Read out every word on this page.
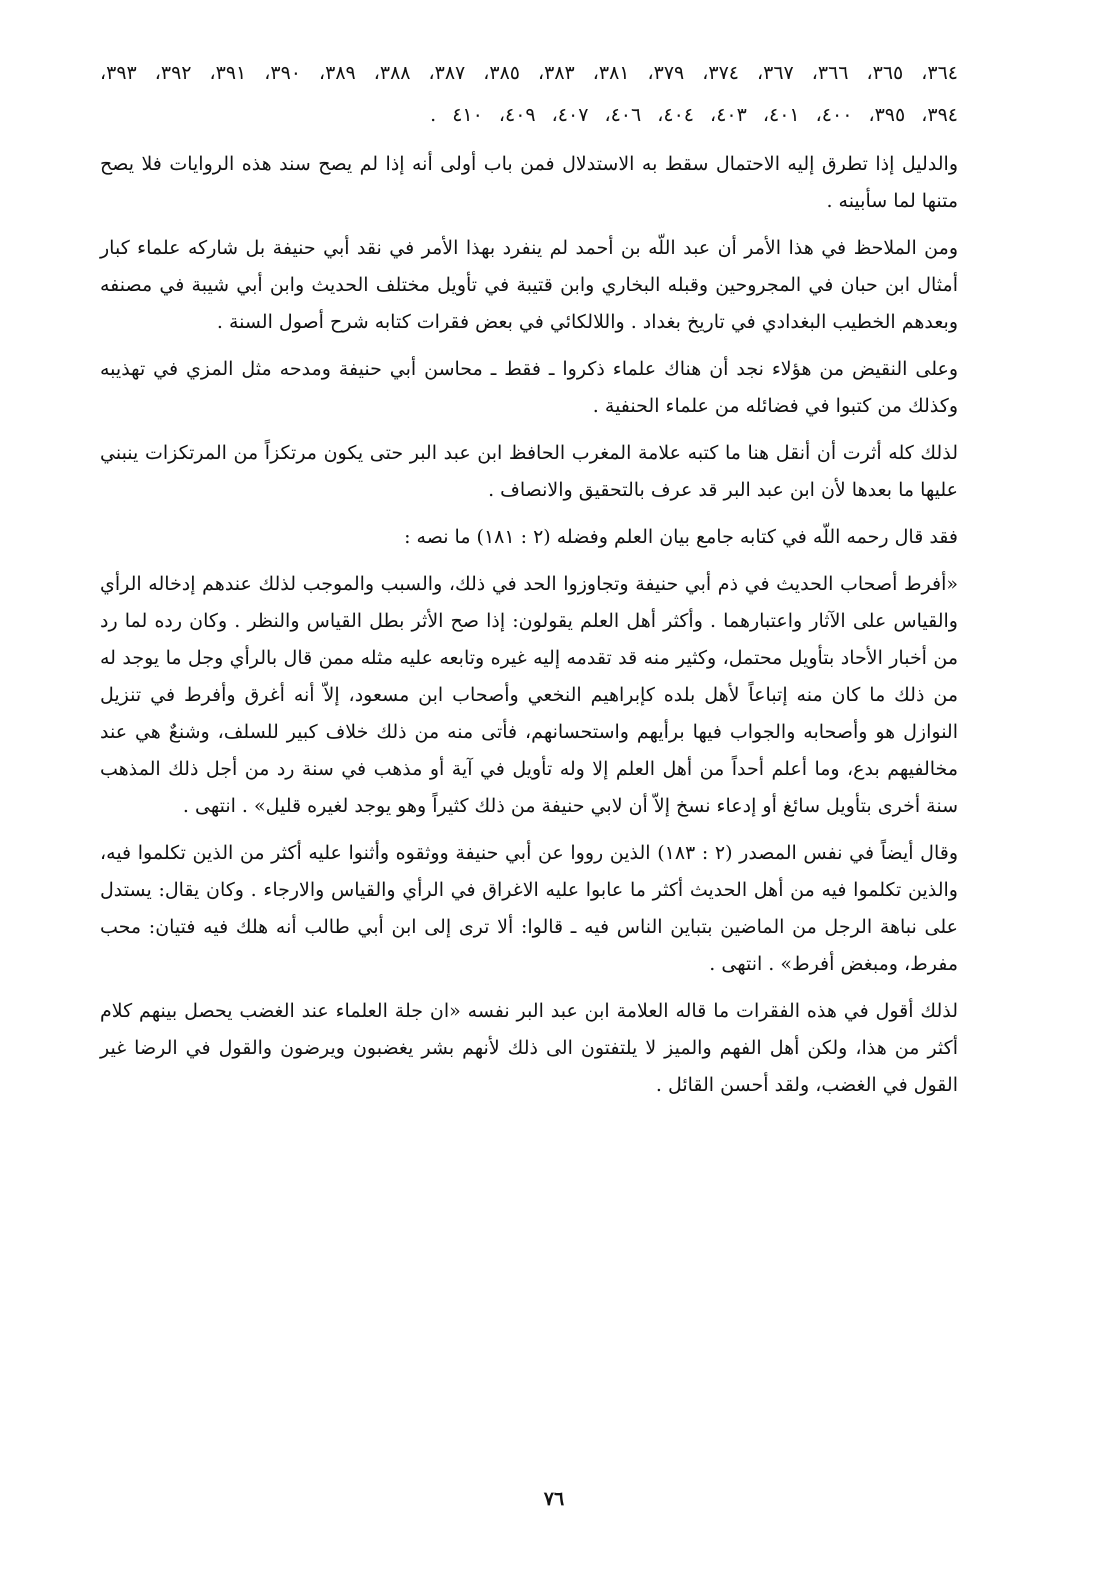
٣٦٤، ٣٦٥، ٣٦٦، ٣٦٧، ٣٧٤، ٣٧٩، ٣٨١، ٣٨٣، ٣٨٥، ٣٨٧، ٣٨٨، ٣٨٩، ٣٩٠، ٣٩١، ٣٩٢، ٣٩٣، ٣٩٤، ٣٩٥، ٤٠٠، ٤٠١، ٤٠٣، ٤٠٤، ٤٠٦، ٤٠٧، ٤٠٩، ٤١٠ .

والدليل إذا تطرق إليه الاحتمال سقط به الاستدلال فمن باب أولى أنه إذا لم يصح سند هذه الروايات فلا يصح متنها لما سأبينه .

ومن الملاحظ في هذا الأمر أن عبد اللّه بن أحمد لم ينفرد بهذا الأمر في نقد أبي حنيفة بل شاركه علماء كبار أمثال ابن حبان في المجروحين وقبله البخاري وابن قتيبة في تأويل مختلف الحديث وابن أبي شيبة في مصنفه وبعدهم الخطيب البغدادي في تاريخ بغداد . واللالكائي في بعض فقرات كتابه شرح أصول السنة .

وعلى النقيض من هؤلاء نجد أن هناك علماء ذكروا ـ فقط ـ محاسن أبي حنيفة ومدحه مثل المزي في تهذيبه وكذلك من كتبوا في فضائله من علماء الحنفية .

لذلك كله أثرت أن أنقل هنا ما كتبه علامة المغرب الحافظ ابن عبد البر حتى يكون مرتكزاً من المرتكزات ينبني عليها ما بعدها لأن ابن عبد البر قد عرف بالتحقيق والانصاف .

فقد قال رحمه اللّه في كتابه جامع بيان العلم وفضله (٢ : ١٨١) ما نصه :

«أفرط أصحاب الحديث في ذم أبي حنيفة وتجاوزوا الحد في ذلك، والسبب والموجب لذلك عندهم إدخاله الرأي والقياس على الآثار واعتبارهما . وأكثر أهل العلم يقولون: إذا صح الأثر بطل القياس والنظر . وكان رده لما رد من أخبار الأحاد بتأويل محتمل، وكثير منه قد تقدمه إليه غيره وتابعه عليه مثله ممن قال بالرأي وجل ما يوجد له من ذلك ما كان منه إتباعاً لأهل بلده كإبراهيم النخعي وأصحاب ابن مسعود، إلاّ أنه أغرق وأفرط في تنزيل النوازل هو وأصحابه والجواب فيها برأيهم واستحسانهم، فأتى منه من ذلك خلاف كبير للسلف، وشنعٌ هي عند مخالفيهم بدع، وما أعلم أحداً من أهل العلم إلا وله تأويل في آية أو مذهب في سنة رد من أجل ذلك المذهب سنة أخرى بتأويل سائغ أو إدعاء نسخ إلاّ أن لابي حنيفة من ذلك كثيراً وهو يوجد لغيره قليل» . انتهى .

وقال أيضاً في نفس المصدر (٢ : ١٨٣) الذين رووا عن أبي حنيفة ووثقوه وأثنوا عليه أكثر من الذين تكلموا فيه، والذين تكلموا فيه من أهل الحديث أكثر ما عابوا عليه الاغراق في الرأي والقياس والارجاء . وكان يقال: يستدل على نباهة الرجل من الماضين بتباين الناس فيه ـ قالوا: ألا ترى إلى ابن أبي طالب أنه هلك فيه فتيان: محب مفرط، ومبغض أفرط» . انتهى .

لذلك أقول في هذه الفقرات ما قاله العلامة ابن عبد البر نفسه «ان جلة العلماء عند الغضب يحصل بينهم كلام أكثر من هذا، ولكن أهل الفهم والميز لا يلتفتون الى ذلك لأنهم بشر يغضبون ويرضون والقول في الرضا غير القول في الغضب، ولقد أحسن القائل .

٧٦
